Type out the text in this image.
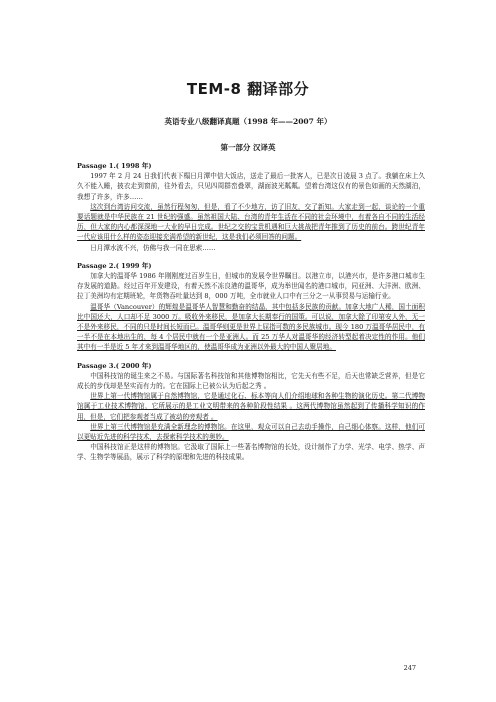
TEM-8 翻译部分
英语专业八级翻译真题（1998 年——2007 年）
第一部分 汉译英

Passage 1.( 1998 年)

1997 年 2 月 24 日我们代表下榻日月潭中信大饭店，送走了最后一批客人，已是次日凌晨 3 点了。我躺在床上久久不能入睡，披衣走到窗前，往外看去，只见四周群峦叠翠，湖面波光粼粼。望着台湾这仅有的景色如画的天然湖泊，我想了许多，许多……

这次到台湾访问交流，虽然行程匆匆，但是，看了不少地方，访了旧友，交了新知。大家走到一起，谈论的一个重要话题就是中华民族在 21 世纪的强盛。虽然祖国大陆、台湾的青年生活在不同的社会环境中，有着各自不同的生活经历，但大家的内心都深深地一大业的早日完成。世纪之交的宝贵机遇和巨大挑战把青年推到了历史的前台。跨世纪青年一代应该用什么样的姿态迎接充满希望的新世纪，这是我们必须回答的问题。

日月潭水波不兴，仿佛与我一同在思索……

Passage 2.( 1999 年)

加拿大的温哥华 1986 年刚刚度过百岁生日，但城市的发展令世界瞩目。以港立市，以港兴市，是许多港口城市生存发展的道路。经过百年开发建设，有着天然不冻良港的温哥华，成为举世闻名的港口城市，同亚洲、大洋洲、欧洲、拉丁美洲均有定期班轮，年货物吞吐量达到 8，000 万吨，全市就业人口中有三分之一从事贸易与运输行业。

温哥华（Vancouver）的辉煌是温哥华人智慧和勤奋的结晶，其中包括多民族的贡献。加拿大地广人稀，国土面积比中国还大，人口却不足 3000 万。吸收外来移民，是加拿大长期奉行的国策。可以说，加拿大除了印第安人外，无一不是外来移民，不同的只是时间长短而已。温哥华则更是世界上屈指可数的多民族城市。现今 180 万温哥华居民中，有一半不是在本地出生的，每 4 个居民中就有一个是亚洲人。而 25 万华人对温哥华的经济转型起着决定性的作用。他们其中有一半是近 5 年才来到温哥华地区的，使温哥华成为亚洲以外最大的中国人聚居地。

Passage 3.( 2000 年)

中国科技馆的诞生来之不易。与国际著名科技馆和其他博物馆相比，它先天有些不足，后天也常缺乏营养，但是它成长的步伐却是坚实而有力的。它在国际上已被公认为后起之秀 。

世界上第一代博物馆属于自然博物馆，它是通过化石、标本等向人们介绍地球和各种生物的演化历史。第二代博物馆属于工业技术博物馆，它所展示的是工业文明带来的各种阶段性结果 。这两代博物馆虽然起到了传播科学知识的作用，但是，它们把参观者当成了被动的旁观者 。

世界上第三代博物馆是充满全新理念的博物馆。在这里，观众可以自己去动手操作，自己细心体察。这样，他们可以更贴近先进的科学技术，去探索科学技术的奥妙。

中国科技馆正是这样的博物馆。它汲取了国际上一些著名博物馆的长处，设计制作了力学、光学、电学、热学、声学、生物学等展品，展示了科学的原理和先进的科技成果。

247
